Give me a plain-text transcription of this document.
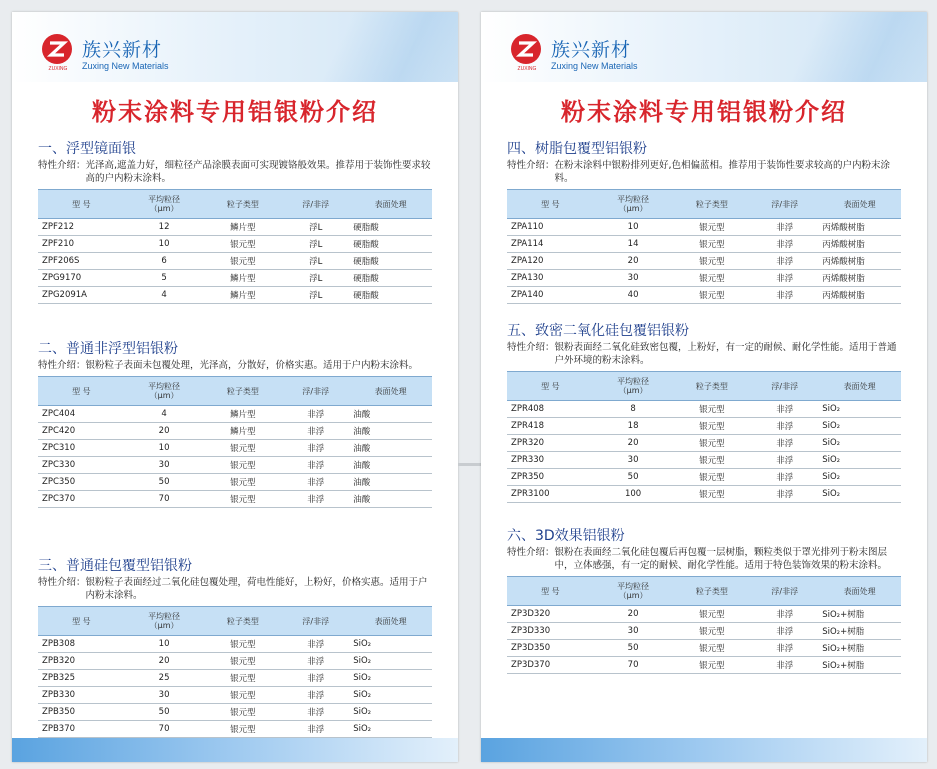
ZUXING
族兴新材
Zuxing New Materials
粉末涂料专用铝银粉介绍
一、浮型镜面银
特性介绍： 光泽高,遮盖力好，细粒径产品涂膜表面可实现镀铬般效果。推荐用于装饰性要求较高的户内粉末涂料。
型 号	平均粒径
（μm）	粒子类型	浮/非浮	表面处理
ZPF212	12	鳞片型	浮L	硬脂酸
ZPF210	10	银元型	浮L	硬脂酸
ZPF206S	6	银元型	浮L	硬脂酸
ZPG9170	5	鳞片型	浮L	硬脂酸
ZPG2091A	4	鳞片型	浮L	硬脂酸
二、普通非浮型铝银粉
特性介绍： 银粉粒子表面未包覆处理，光泽高，分散好，价格实惠。适用于户内粉末涂料。
型 号	平均粒径
（μm）	粒子类型	浮/非浮	表面处理
ZPC404	4	鳞片型	非浮	油酸
ZPC420	20	鳞片型	非浮	油酸
ZPC310	10	银元型	非浮	油酸
ZPC330	30	银元型	非浮	油酸
ZPC350	50	银元型	非浮	油酸
ZPC370	70	银元型	非浮	油酸
三、普通硅包覆型铝银粉
特性介绍： 银粉粒子表面经过二氧化硅包覆处理，荷电性能好，上粉好，价格实惠。适用于户内粉末涂料。
型 号	平均粒径
（μm）	粒子类型	浮/非浮	表面处理
ZPB308	10	银元型	非浮	SiO₂
ZPB320	20	银元型	非浮	SiO₂
ZPB325	25	银元型	非浮	SiO₂
ZPB330	30	银元型	非浮	SiO₂
ZPB350	50	银元型	非浮	SiO₂
ZPB370	70	银元型	非浮	SiO₂
ZUXING
族兴新材
Zuxing New Materials
粉末涂料专用铝银粉介绍
四、树脂包覆型铝银粉
特性介绍： 在粉末涂料中银粉排列更好,色相偏蓝相。推荐用于装饰性要求较高的户内粉末涂料。
型 号	平均粒径
（μm）	粒子类型	浮/非浮	表面处理
ZPA110	10	银元型	非浮	丙烯酸树脂
ZPA114	14	银元型	非浮	丙烯酸树脂
ZPA120	20	银元型	非浮	丙烯酸树脂
ZPA130	30	银元型	非浮	丙烯酸树脂
ZPA140	40	银元型	非浮	丙烯酸树脂
五、致密二氧化硅包覆铝银粉
特性介绍： 银粉表面经二氧化硅致密包覆，上粉好，有一定的耐候、耐化学性能。适用于普通户外环境的粉末涂料。
型 号	平均粒径
（μm）	粒子类型	浮/非浮	表面处理
ZPR408	8	银元型	非浮	SiO₂
ZPR418	18	银元型	非浮	SiO₂
ZPR320	20	银元型	非浮	SiO₂
ZPR330	30	银元型	非浮	SiO₂
ZPR350	50	银元型	非浮	SiO₂
ZPR3100	100	银元型	非浮	SiO₂
六、3D效果铝银粉
特性介绍： 银粉在表面经二氧化硅包覆后再包覆一层树脂，颗粒类似于罩光排列于粉末图层中，立体感强，有一定的耐候、耐化学性能。适用于特色装饰效果的粉末涂料。
型 号	平均粒径
（μm）	粒子类型	浮/非浮	表面处理
ZP3D320	20	银元型	非浮	SiO₂+树脂
ZP3D330	30	银元型	非浮	SiO₂+树脂
ZP3D350	50	银元型	非浮	SiO₂+树脂
ZP3D370	70	银元型	非浮	SiO₂+树脂
